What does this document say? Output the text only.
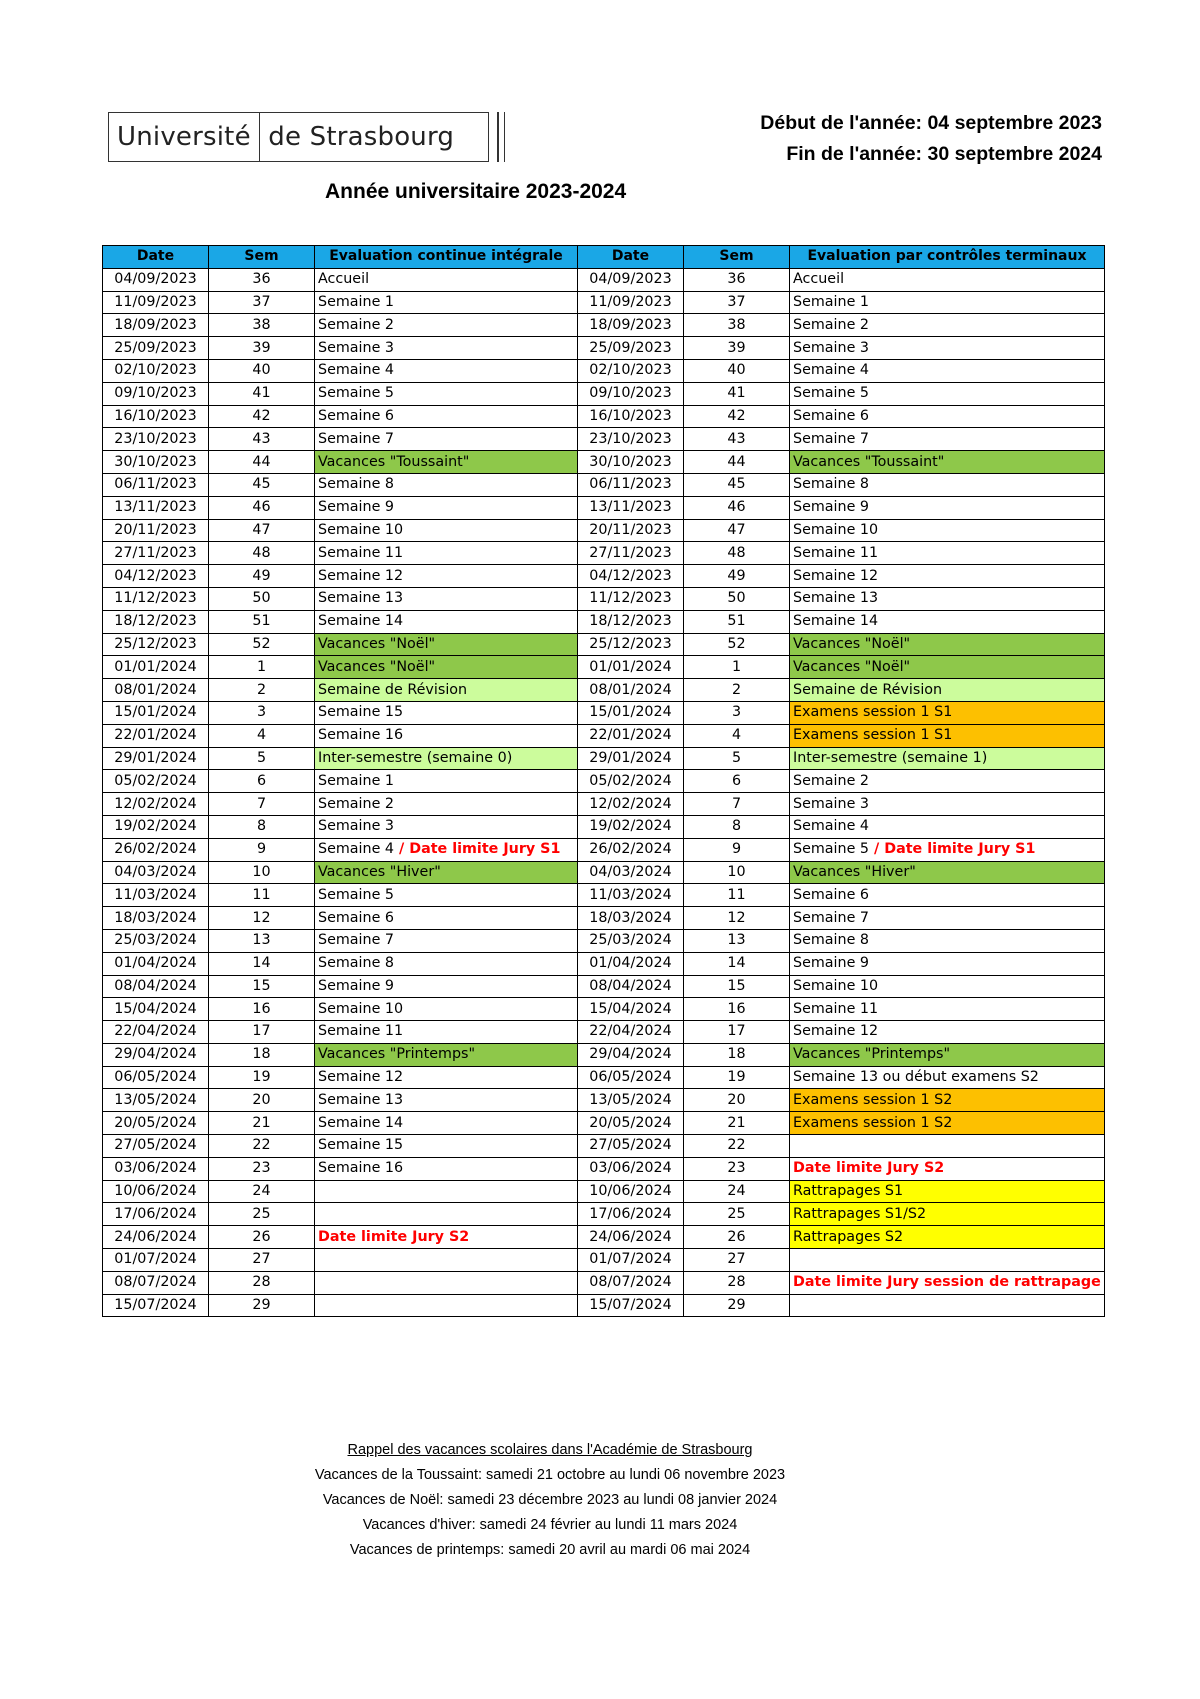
Université de Strasbourg	Début de l'année: 04 septembre 2023
Fin de l'année: 30 septembre 2024
Année universitaire 2023-2024
Date	Sem	Evaluation continue intégrale	Date	Sem	Evaluation par contrôles terminaux
04/09/2023	36	Accueil	04/09/2023	36	Accueil
11/09/2023	37	Semaine 1	11/09/2023	37	Semaine 1
18/09/2023	38	Semaine 2	18/09/2023	38	Semaine 2
25/09/2023	39	Semaine 3	25/09/2023	39	Semaine 3
02/10/2023	40	Semaine 4	02/10/2023	40	Semaine 4
09/10/2023	41	Semaine 5	09/10/2023	41	Semaine 5
16/10/2023	42	Semaine 6	16/10/2023	42	Semaine 6
23/10/2023	43	Semaine 7	23/10/2023	43	Semaine 7
30/10/2023	44	Vacances "Toussaint"	30/10/2023	44	Vacances "Toussaint"
06/11/2023	45	Semaine 8	06/11/2023	45	Semaine 8
13/11/2023	46	Semaine 9	13/11/2023	46	Semaine 9
20/11/2023	47	Semaine 10	20/11/2023	47	Semaine 10
27/11/2023	48	Semaine 11	27/11/2023	48	Semaine 11
04/12/2023	49	Semaine 12	04/12/2023	49	Semaine 12
11/12/2023	50	Semaine 13	11/12/2023	50	Semaine 13
18/12/2023	51	Semaine 14	18/12/2023	51	Semaine 14
25/12/2023	52	Vacances "Noël"	25/12/2023	52	Vacances "Noël"
01/01/2024	1	Vacances "Noël"	01/01/2024	1	Vacances "Noël"
08/01/2024	2	Semaine de Révision	08/01/2024	2	Semaine de Révision
15/01/2024	3	Semaine 15	15/01/2024	3	Examens session 1 S1
22/01/2024	4	Semaine 16	22/01/2024	4	Examens session 1 S1
29/01/2024	5	Inter-semestre (semaine 0)	29/01/2024	5	Inter-semestre (semaine 1)
05/02/2024	6	Semaine 1	05/02/2024	6	Semaine 2
12/02/2024	7	Semaine 2	12/02/2024	7	Semaine 3
19/02/2024	8	Semaine 3	19/02/2024	8	Semaine 4
26/02/2024	9	Semaine 4 / Date limite Jury S1	26/02/2024	9	Semaine 5 / Date limite Jury S1
04/03/2024	10	Vacances "Hiver"	04/03/2024	10	Vacances "Hiver"
11/03/2024	11	Semaine 5	11/03/2024	11	Semaine 6
18/03/2024	12	Semaine 6	18/03/2024	12	Semaine 7
25/03/2024	13	Semaine 7	25/03/2024	13	Semaine 8
01/04/2024	14	Semaine 8	01/04/2024	14	Semaine 9
08/04/2024	15	Semaine 9	08/04/2024	15	Semaine 10
15/04/2024	16	Semaine 10	15/04/2024	16	Semaine 11
22/04/2024	17	Semaine 11	22/04/2024	17	Semaine 12
29/04/2024	18	Vacances "Printemps"	29/04/2024	18	Vacances "Printemps"
06/05/2024	19	Semaine 12	06/05/2024	19	Semaine 13 ou début examens S2
13/05/2024	20	Semaine 13	13/05/2024	20	Examens session 1 S2
20/05/2024	21	Semaine 14	20/05/2024	21	Examens session 1 S2
27/05/2024	22	Semaine 15	27/05/2024	22	
03/06/2024	23	Semaine 16	03/06/2024	23	Date limite Jury S2
10/06/2024	24		10/06/2024	24	Rattrapages S1
17/06/2024	25		17/06/2024	25	Rattrapages S1/S2
24/06/2024	26	Date limite Jury S2	24/06/2024	26	Rattrapages S2
01/07/2024	27		01/07/2024	27	
08/07/2024	28		08/07/2024	28	Date limite Jury session de rattrapage
15/07/2024	29		15/07/2024	29	
Rappel des vacances scolaires dans l'Académie de Strasbourg
Vacances de la Toussaint: samedi 21 octobre au lundi 06 novembre 2023
Vacances de Noël: samedi 23 décembre 2023 au lundi 08 janvier 2024
Vacances d'hiver: samedi 24 février au lundi 11 mars 2024
Vacances de printemps: samedi 20 avril au mardi 06 mai 2024
